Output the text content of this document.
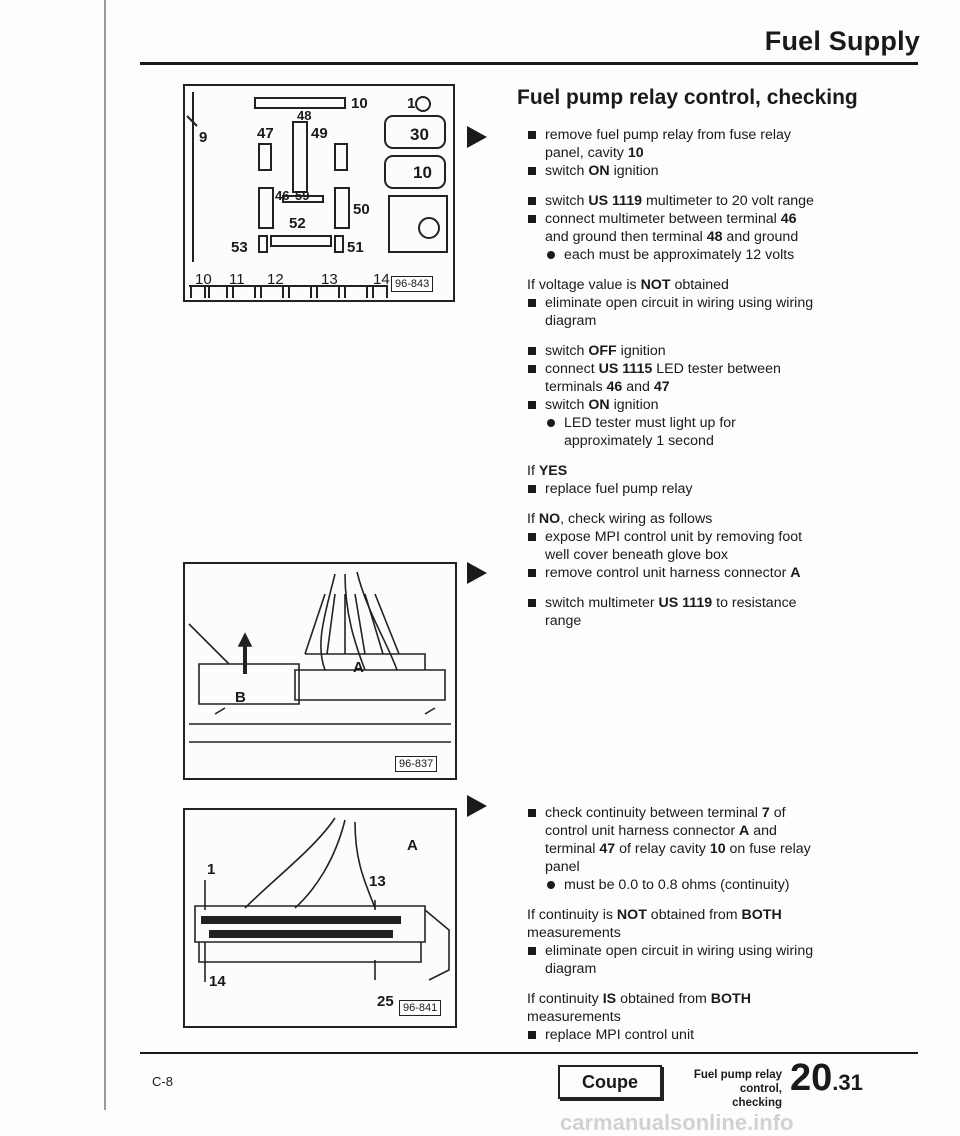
Fuel Supply
10
47
48
49
9
46 59
50
52
53	51
1
30
10
10 11 12 13 14 96-843
A
B
96-837
A
1
13
14
25 96-841
Fuel pump relay control, checking
remove fuel pump relay from fuse relay
panel, cavity 10
switch ON ignition
switch US 1119 multimeter to 20 volt range
connect multimeter between terminal 46
and ground then terminal 48 and ground
each must be approximately 12 volts
If voltage value is NOT obtained
eliminate open circuit in wiring using wiring
diagram
switch OFF ignition
connect US 1115 LED tester between
terminals 46 and 47
switch ON ignition
LED tester must light up for
approximately 1 second
If YES
replace fuel pump relay
If NO, check wiring as follows
expose MPI control unit by removing foot
well cover beneath glove box
remove control unit harness connector A
switch multimeter US 1119 to resistance
range
check continuity between terminal 7 of
control unit harness connector A and
terminal 47 of relay cavity 10 on fuse relay
panel
must be 0.0 to 0.8 ohms (continuity)
If continuity is NOT obtained from BOTH
measurements
eliminate open circuit in wiring using wiring
diagram
If continuity IS obtained from BOTH
measurements
replace MPI control unit
C-8	Coupe	Fuel pump relay control,
checking
20.31
carmanualsonline.info
